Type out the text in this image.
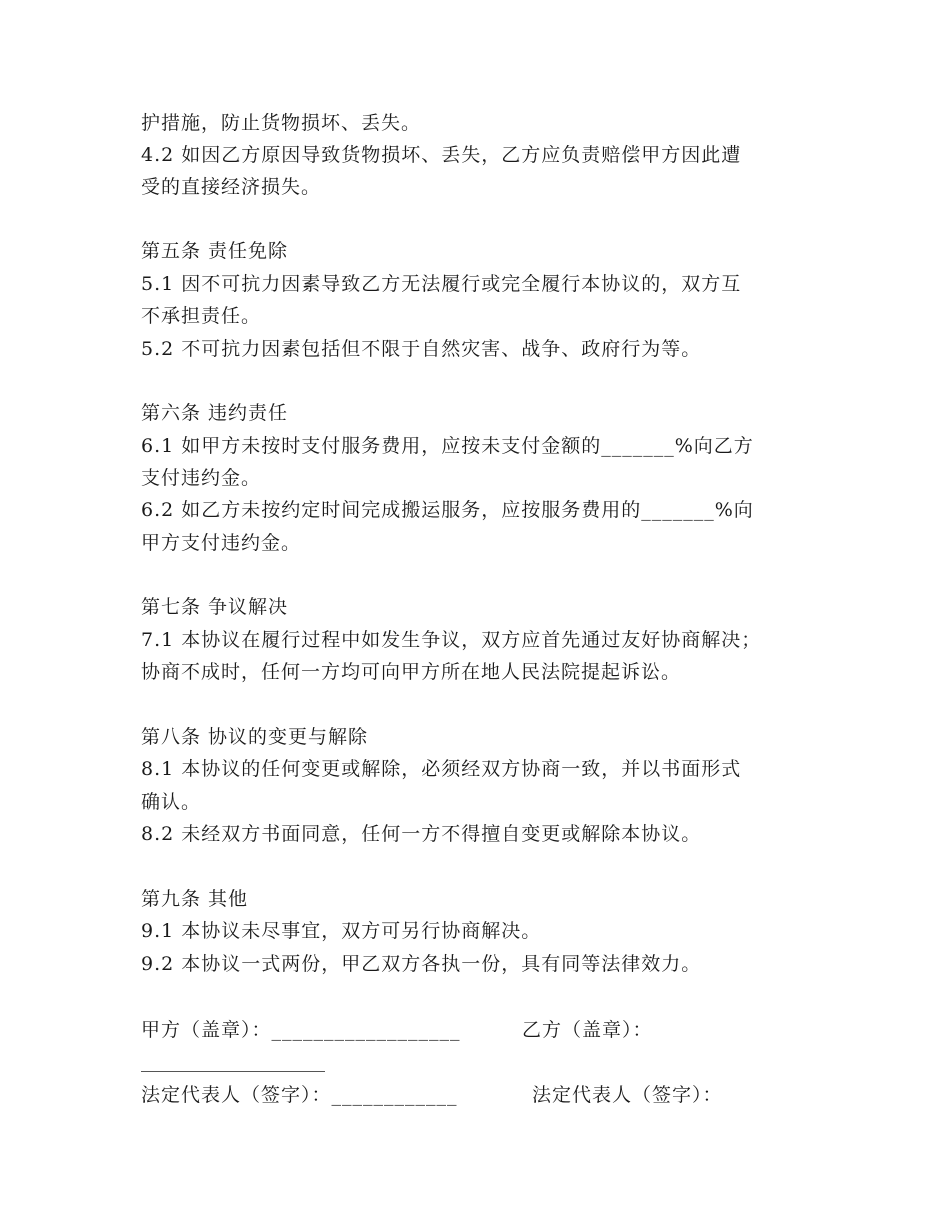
护措施，防止货物损坏、丢失。
4.2 如因乙方原因导致货物损坏、丢失，乙方应负责赔偿甲方因此遭
受的直接经济损失。
第五条 责任免除
5.1 因不可抗力因素导致乙方无法履行或完全履行本协议的，双方互
不承担责任。
5.2 不可抗力因素包括但不限于自然灾害、战争、政府行为等。
第六条 违约责任
6.1 如甲方未按时支付服务费用，应按未支付金额的_______%向乙方
支付违约金。
6.2 如乙方未按约定时间完成搬运服务，应按服务费用的_______%向
甲方支付违约金。
第七条 争议解决
7.1 本协议在履行过程中如发生争议，双方应首先通过友好协商解决；
协商不成时，任何一方均可向甲方所在地人民法院提起诉讼。
第八条 协议的变更与解除
8.1 本协议的任何变更或解除，必须经双方协商一致，并以书面形式
确认。
8.2 未经双方书面同意，任何一方不得擅自变更或解除本协议。
第九条 其他
9.1 本协议未尽事宜，双方可另行协商解决。
9.2 本协议一式两份，甲乙双方各执一份，具有同等法律效力。
甲方（盖章）：__________________	乙方（盖章）：
法定代表人（签字）：____________	法定代表人（签字）：
